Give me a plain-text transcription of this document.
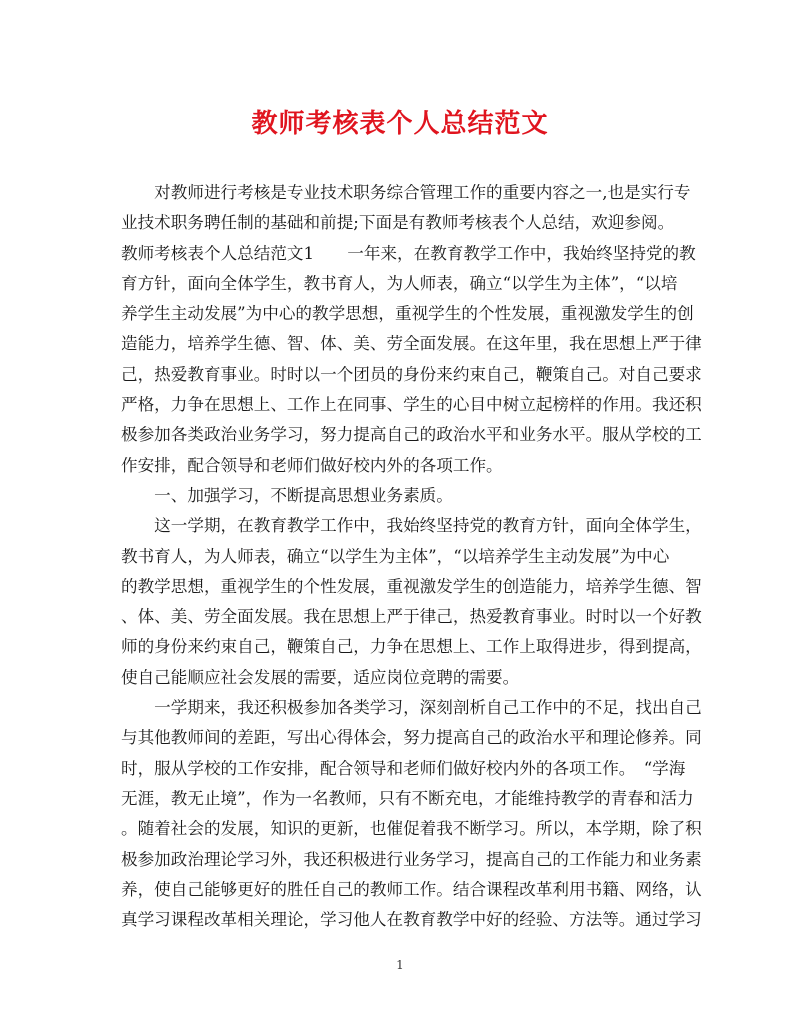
教师考核表个人总结范文
　　对教师进行考核是专业技术职务综合管理工作的重要内容之一,也是实行专
业技术职务聘任制的基础和前提;下面是有教师考核表个人总结，欢迎参阅。
教师考核表个人总结范文1　　一年来，在教育教学工作中，我始终坚持党的教
育方针，面向全体学生，教书育人，为人师表，确立“以学生为主体”，“以培
养学生主动发展”为中心的教学思想，重视学生的个性发展，重视激发学生的创
造能力，培养学生德、智、体、美、劳全面发展。在这年里，我在思想上严于律
己，热爱教育事业。时时以一个团员的身份来约束自己，鞭策自己。对自己要求
严格，力争在思想上、工作上在同事、学生的心目中树立起榜样的作用。我还积
极参加各类政治业务学习，努力提高自己的政治水平和业务水平。服从学校的工
作安排，配合领导和老师们做好校内外的各项工作。
　　一、加强学习，不断提高思想业务素质。
　　这一学期，在教育教学工作中，我始终坚持党的教育方针，面向全体学生，
教书育人，为人师表，确立“以学生为主体”，“以培养学生主动发展”为中心
的教学思想，重视学生的个性发展，重视激发学生的创造能力，培养学生德、智
、体、美、劳全面发展。我在思想上严于律己，热爱教育事业。时时以一个好教
师的身份来约束自己，鞭策自己，力争在思想上、工作上取得进步，得到提高，
使自己能顺应社会发展的需要，适应岗位竞聘的需要。
　　一学期来，我还积极参加各类学习，深刻剖析自己工作中的不足，找出自己
与其他教师间的差距，写出心得体会，努力提高自己的政治水平和理论修养。同
时，服从学校的工作安排，配合领导和老师们做好校内外的各项工作。　“学海
无涯，教无止境”，作为一名教师，只有不断充电，才能维持教学的青春和活力
。随着社会的发展，知识的更新，也催促着我不断学习。所以，本学期，除了积
极参加政治理论学习外，我还积极进行业务学习，提高自己的工作能力和业务素
养，使自己能够更好的胜任自己的教师工作。结合课程改革利用书籍、网络，认
真学习课程改革相关理论，学习他人在教育教学中好的经验、方法等。通过学习
1
